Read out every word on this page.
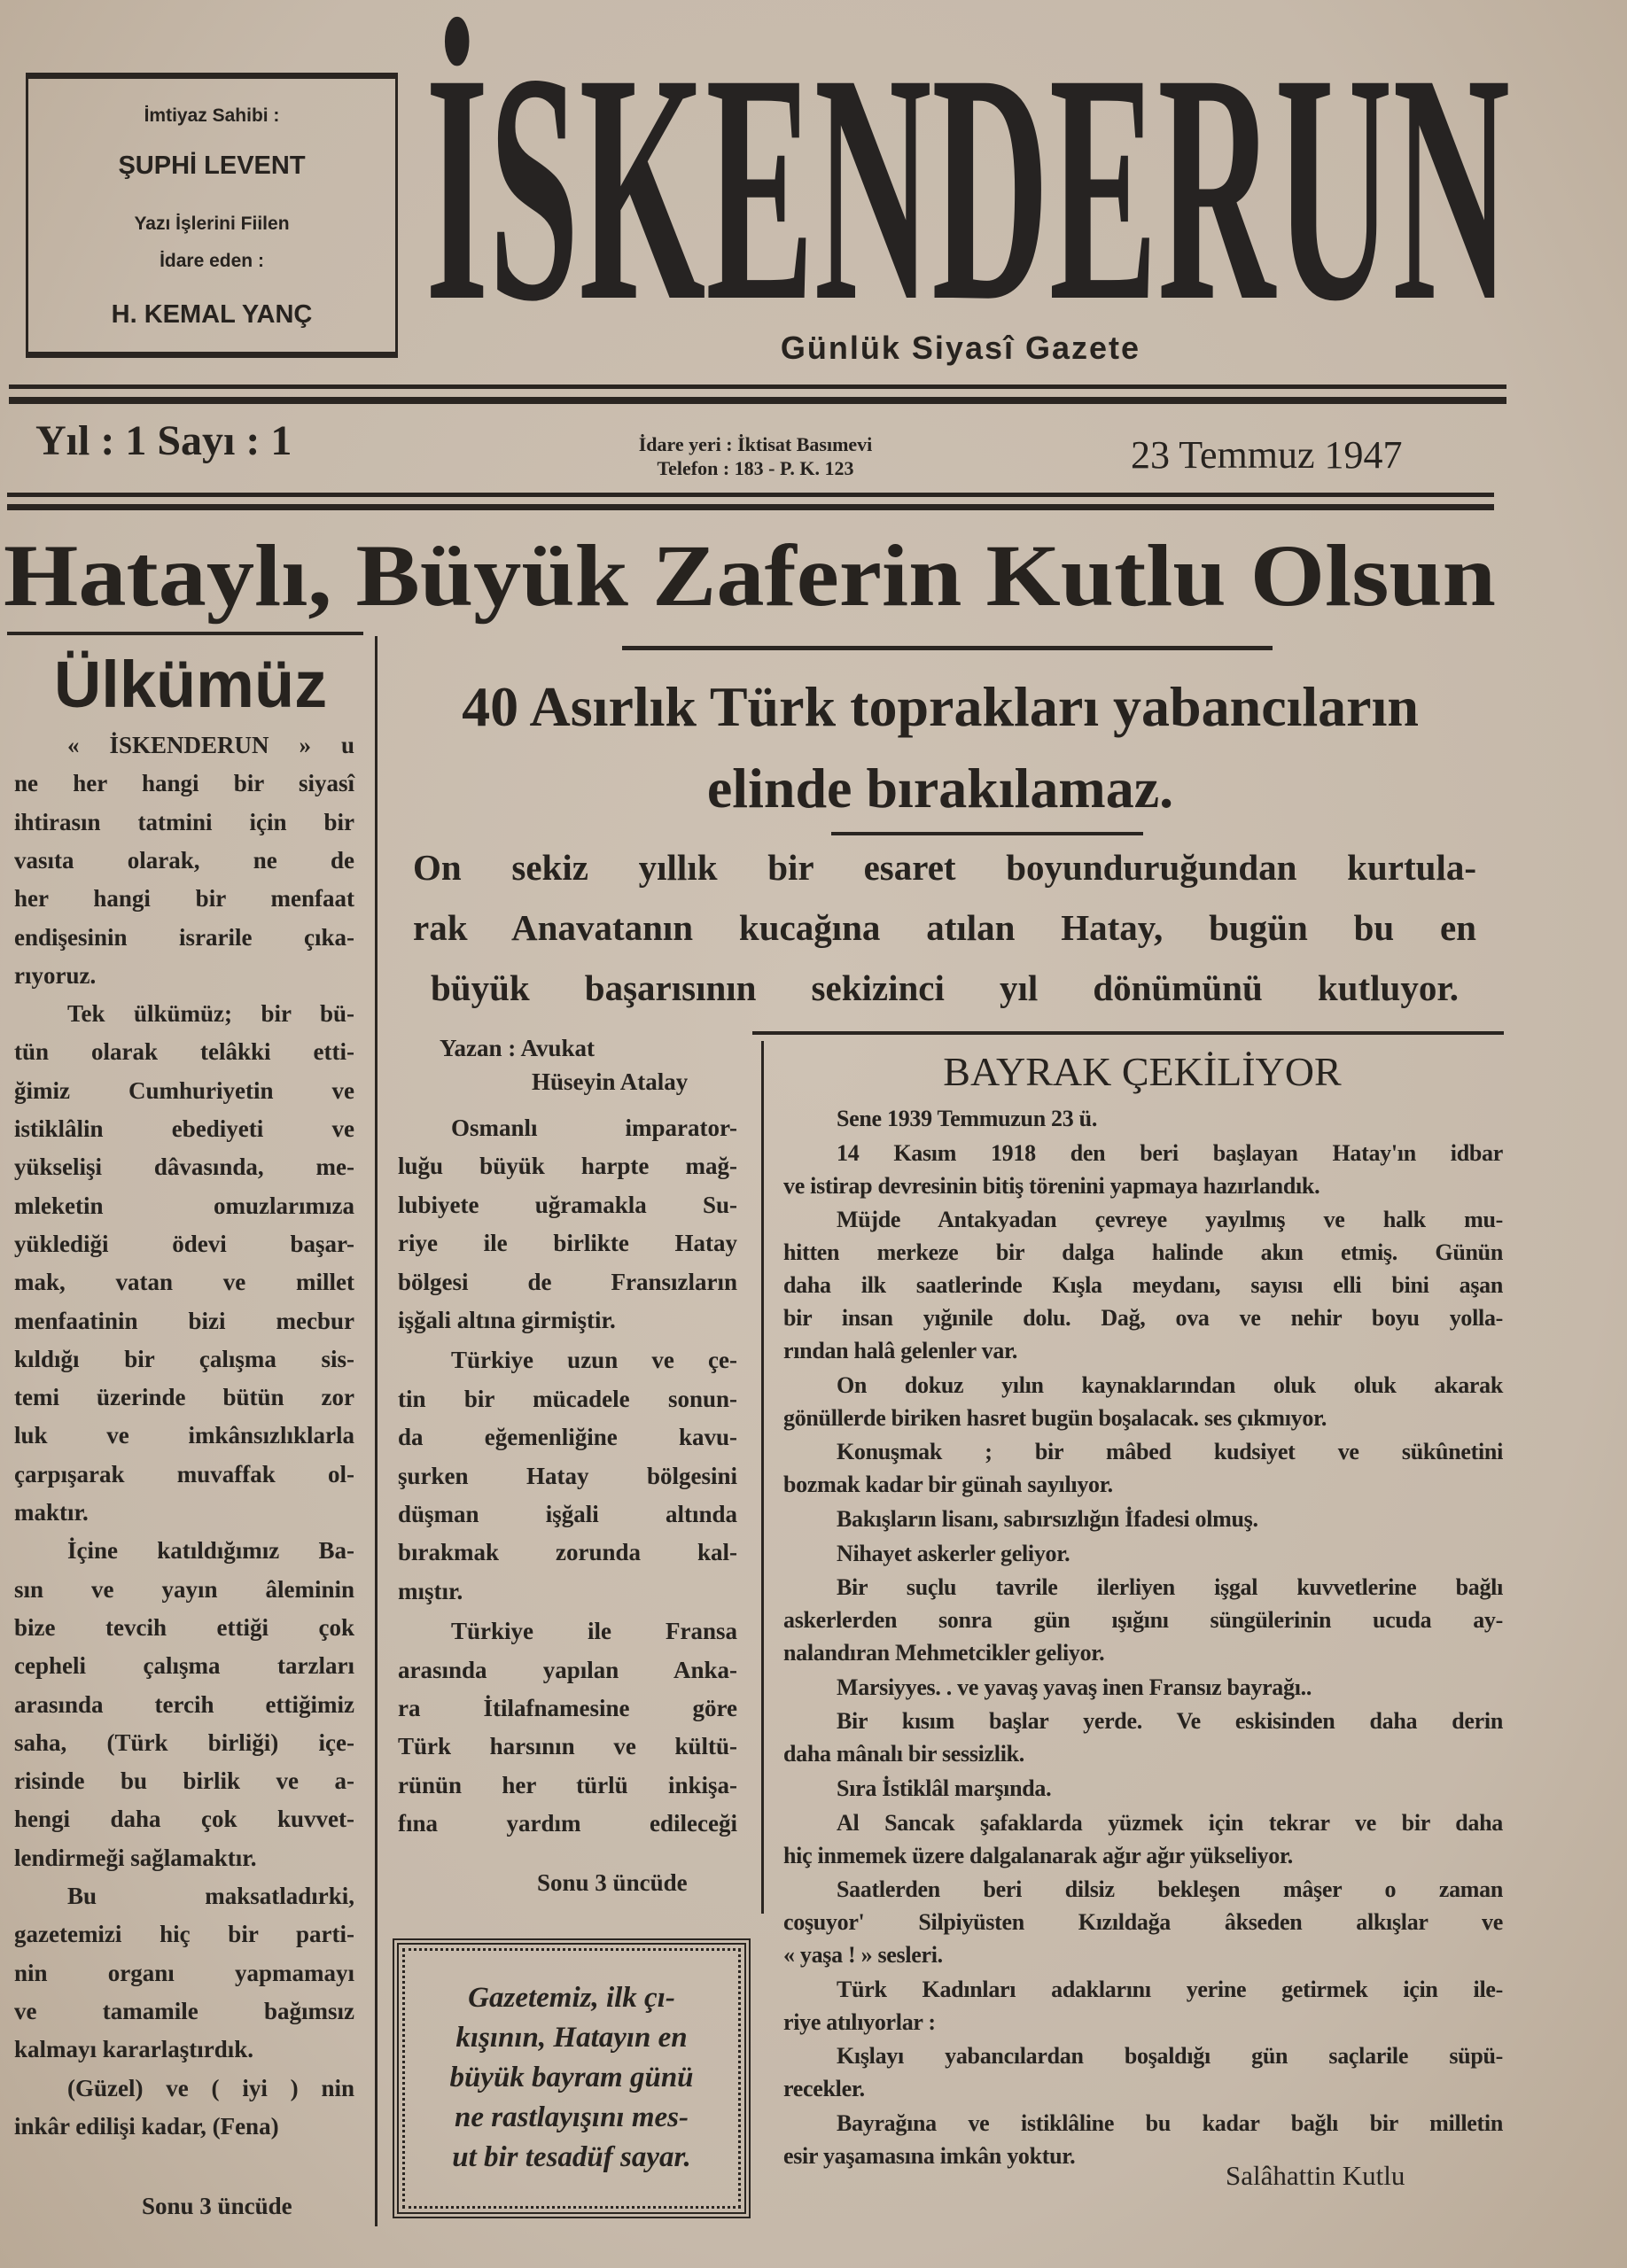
İmtiyaz Sahibi :
ŞUPHİ LEVENT
Yazı İşlerini Fiilen
İdare eden :
H. KEMAL YANÇ İSKENDERUN
Günlük Siyasî Gazete
Yıl : 1 Sayı : 1	İdare yeri : İktisat Basımevi
Telefon : 183 - P. K. 123	23 Temmuz 1947
Hataylı, Büyük Zaferin Kutlu Olsun
Ülkümüz
« İSKENDERUN » u
ne her hangi bir siyasî
ihtirasın tatmini için bir
vasıta olarak, ne de
her hangi bir menfaat
endişesinin israrile çıka-
rıyoruz.
Tek ülkümüz; bir bü-
tün olarak telâkki etti-
ğimiz Cumhuriyetin ve
istiklâlin ebediyeti ve
yükselişi dâvasında, me-
mleketin omuzlarımıza
yüklediği ödevi başar-
mak, vatan ve millet
menfaatinin bizi mecbur
kıldığı bir çalışma sis-
temi üzerinde bütün zor
luk ve imkânsızlıklarla
çarpışarak muvaffak ol-
maktır.
İçine katıldığımız Ba-
sın ve yayın âleminin
bize tevcih ettiği çok
cepheli çalışma tarzları
arasında tercih ettiğimiz
saha, (Türk birliği) içe-
risinde bu birlik ve a-
hengi daha çok kuvvet-
lendirmeği sağlamaktır.
Bu maksatladırki,
gazetemizi hiç bir parti-
nin organı yapmamayı
ve tamamile bağımsız
kalmayı kararlaştırdık.
(Güzel) ve ( iyi ) nin
inkâr edilişi kadar, (Fena)
Sonu 3 üncüde
40 Asırlık Türk toprakları yabancıların
elinde bırakılamaz.
On sekiz yıllık bir esaret boyunduruğundan kurtula-
rak Anavatanın kucağına atılan Hatay, bugün bu en
büyük başarısının sekizinci yıl dönümünü kutluyor.
Yazan : Avukat
Hüseyin Atalay
Osmanlı imparator-
luğu büyük harpte mağ-
lubiyete uğramakla Su-
riye ile birlikte Hatay
bölgesi de Fransızların
işğali altına girmiştir.
Türkiye uzun ve çe-
tin bir mücadele sonun-
da eğemenliğine kavu-
şurken Hatay bölgesini
düşman işğali altında
bırakmak zorunda kal-
mıştır.
Türkiye ile Fransa
arasında yapılan Anka-
ra İtilafnamesine göre
Türk harsının ve kültü-
rünün her türlü inkişa-
fına yardım edileceği
Sonu 3 üncüde
Gazetemiz, ilk çı-
kışının, Hatayın en
büyük bayram günü
ne rastlayışını mes-
ut bir tesadüf sayar.
BAYRAK ÇEKİLİYOR
Sene 1939 Temmuzun 23 ü.
14 Kasım 1918 den beri başlayan Hatay'ın idbar
ve istirap devresinin bitiş törenini yapmaya hazırlandık.
Müjde Antakyadan çevreye yayılmış ve halk mu-
hitten merkeze bir dalga halinde akın etmiş. Günün
daha ilk saatlerinde Kışla meydanı, sayısı elli bini aşan
bir insan yığınile dolu. Dağ, ova ve nehir boyu yolla-
rından halâ gelenler var.
On dokuz yılın kaynaklarından oluk oluk akarak
gönüllerde biriken hasret bugün boşalacak. ses çıkmıyor.
Konuşmak ; bir mâbed kudsiyet ve sükûnetini
bozmak kadar bir günah sayılıyor.
Bakışların lisanı, sabırsızlığın İfadesi olmuş.
Nihayet askerler geliyor.
Bir suçlu tavrile ilerliyen işgal kuvvetlerine bağlı
askerlerden sonra gün ışığını süngülerinin ucuda ay-
nalandıran Mehmetcikler geliyor.
Marsiyyes. . ve yavaş yavaş inen Fransız bayrağı..
Bir kısım başlar yerde. Ve eskisinden daha derin
daha mânalı bir sessizlik.
Sıra İstiklâl marşında.
Al Sancak şafaklarda yüzmek için tekrar ve bir daha
hiç inmemek üzere dalgalanarak ağır ağır yükseliyor.
Saatlerden beri dilsiz bekleşen mâşer o zaman
coşuyor' Silpiyüsten Kızıldağa âkseden alkışlar ve
« yaşa ! » sesleri.
Türk Kadınları adaklarını yerine getirmek için ile-
riye atılıyorlar :
Kışlayı yabancılardan boşaldığı gün saçlarile süpü-
recekler.
Bayrağına ve istiklâline bu kadar bağlı bir milletin
esir yaşamasına imkân yoktur.
Salâhattin Kutlu
